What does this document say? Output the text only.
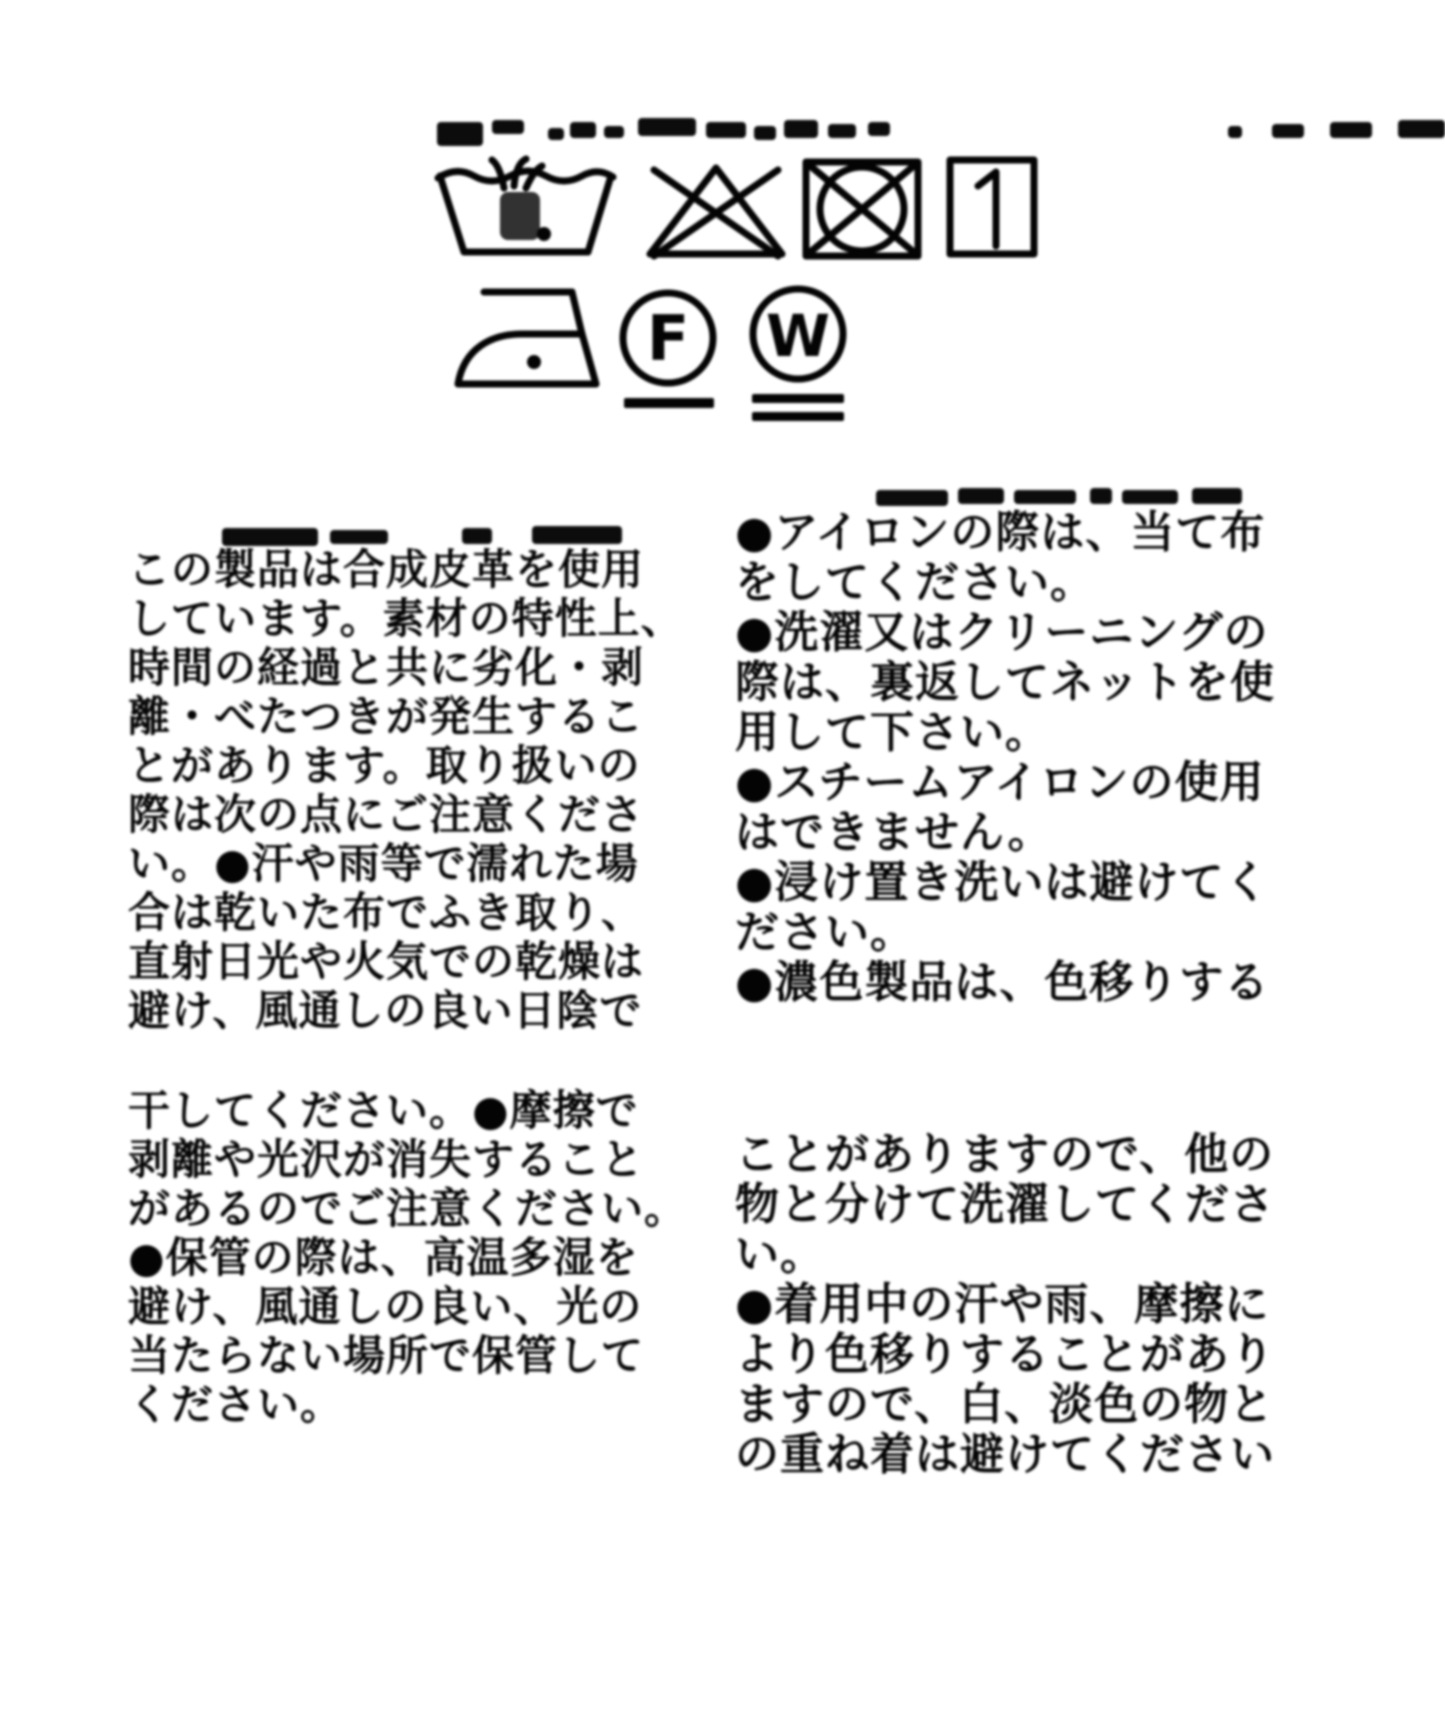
F W
この製品は合成皮革を使用
しています。素材の特性上、
時間の経過と共に劣化・剥
離・べたつきが発生するこ
とがあります。取り扱いの
際は次の点にご注意くださ
い。●汗や雨等で濡れた場
合は乾いた布でふき取り、
直射日光や火気での乾燥は
避け、風通しの良い日陰で
干してください。●摩擦で
剥離や光沢が消失すること
があるのでご注意ください。
●保管の際は、高温多湿を
避け、風通しの良い、光の
当たらない場所で保管して
ください。
●アイロンの際は、当て布
をしてください。
●洗濯又はクリーニングの
際は、裏返してネットを使
用して下さい。
●スチームアイロンの使用
はできません。
●浸け置き洗いは避けてく
ださい。
●濃色製品は、色移りする
ことがありますので、他の
物と分けて洗濯してくださ
い。
●着用中の汗や雨、摩擦に
より色移りすることがあり
ますので、白、淡色の物と
の重ね着は避けてください
